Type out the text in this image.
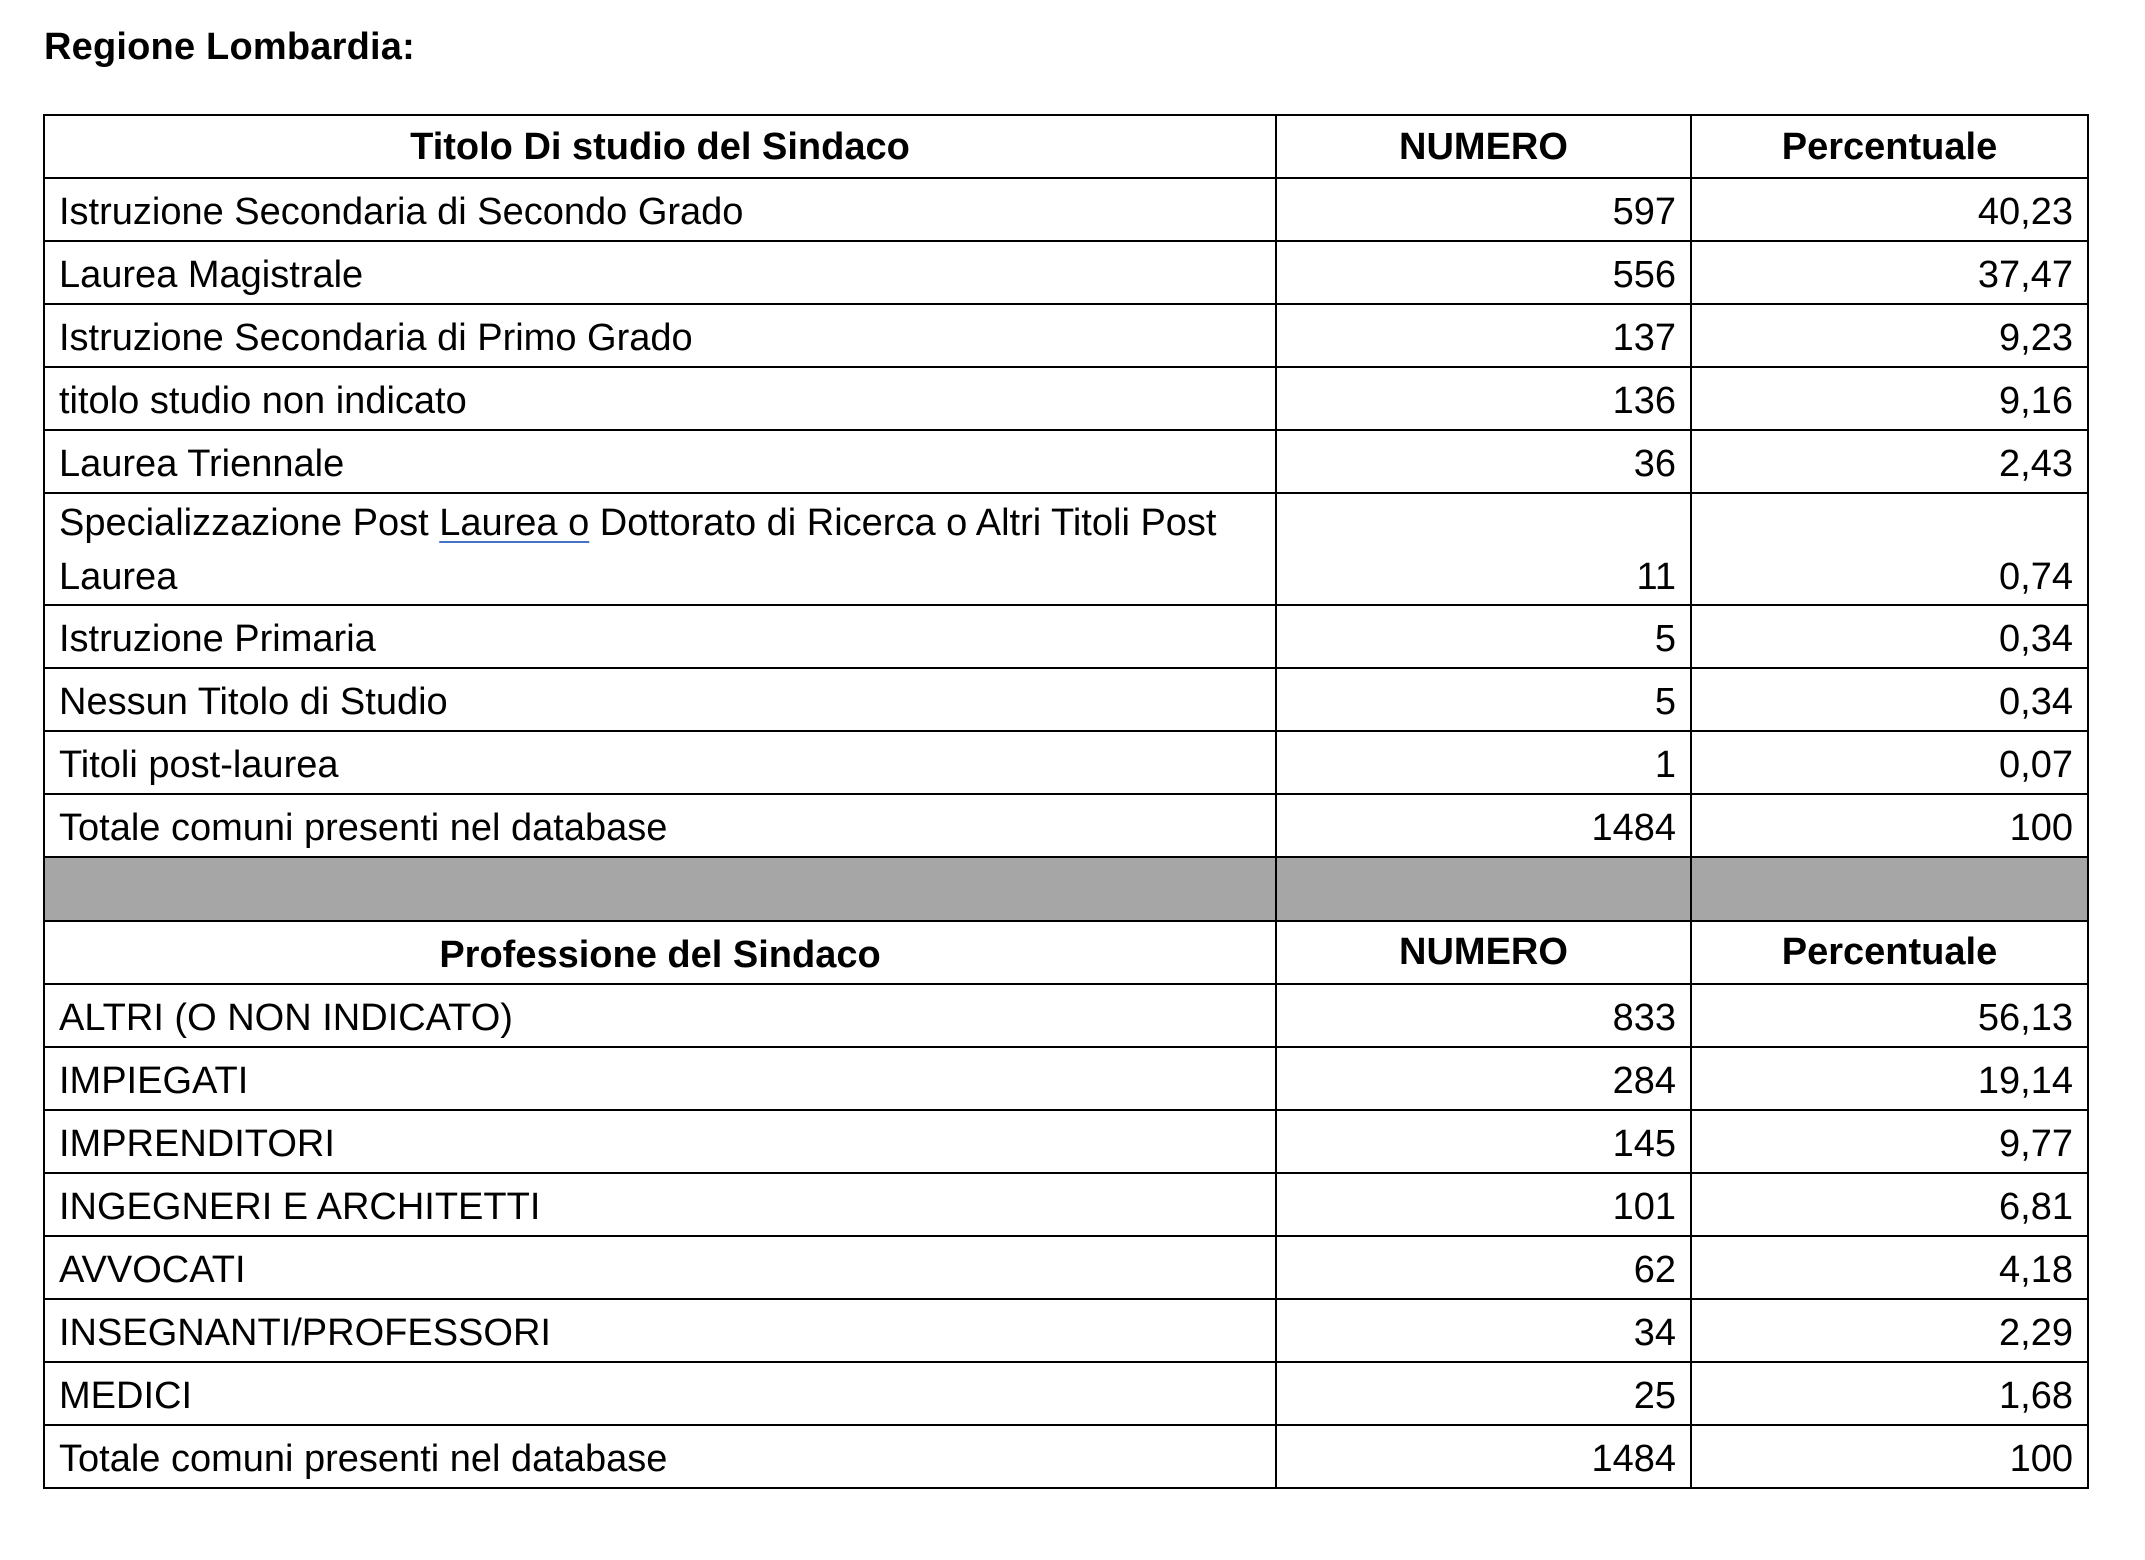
Regione Lombardia:
Titolo Di studio del Sindaco	NUMERO	Percentuale
Istruzione Secondaria di Secondo Grado	597	40,23
Laurea Magistrale	556	37,47
Istruzione Secondaria di Primo Grado	137	9,23
titolo studio non indicato	136	9,16
Laurea Triennale	36	2,43
Specializzazione Post Laurea o Dottorato di Ricerca o Altri Titoli Post Laurea	11	0,74
Istruzione Primaria	5	0,34
Nessun Titolo di Studio	5	0,34
Titoli post-laurea	1	0,07
Totale comuni presenti nel database	1484	100

Professione del Sindaco	NUMERO	Percentuale
ALTRI (O NON INDICATO)	833	56,13
IMPIEGATI	284	19,14
IMPRENDITORI	145	9,77
INGEGNERI E ARCHITETTI	101	6,81
AVVOCATI	62	4,18
INSEGNANTI/PROFESSORI	34	2,29
MEDICI	25	1,68
Totale comuni presenti nel database	1484	100
